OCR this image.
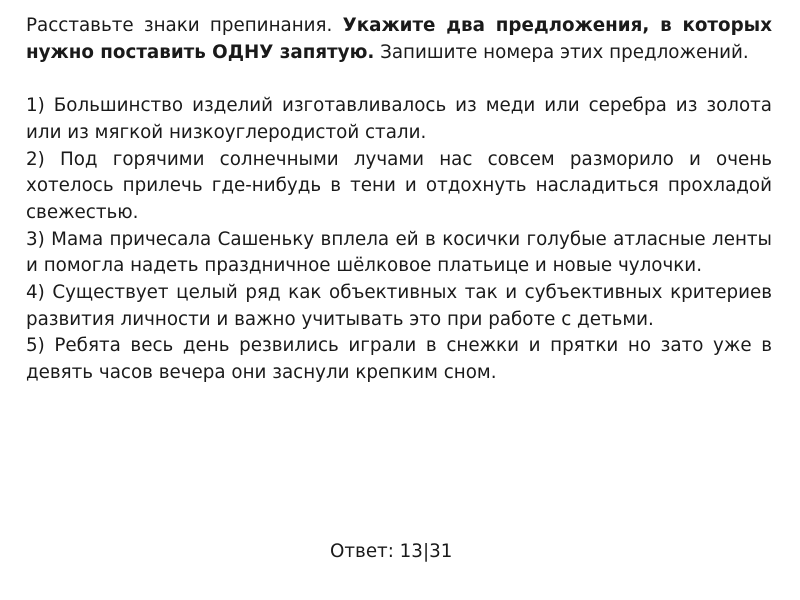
Расставьте знаки препинания. Укажите два предложения, в которых нужно поставить ОДНУ запятую. Запишите номера этих предложений.

1) Большинство изделий изготавливалось из меди или серебра из золота или из мягкой низкоуглеродистой стали.

2) Под горячими солнечными лучами нас совсем разморило и очень хотелось прилечь где-нибудь в тени и отдохнуть насладиться прохладой свежестью.

3) Мама причесала Сашеньку вплела ей в косички голубые атласные ленты и помогла надеть праздничное шёлковое платьице и новые чулочки.

4) Существует целый ряд как объективных так и субъективных критериев развития личности и важно учитывать это при работе с детьми.

5) Ребята весь день резвились играли в снежки и прятки но зато уже в девять часов вечера они заснули крепким сном.

Ответ: 13|31
